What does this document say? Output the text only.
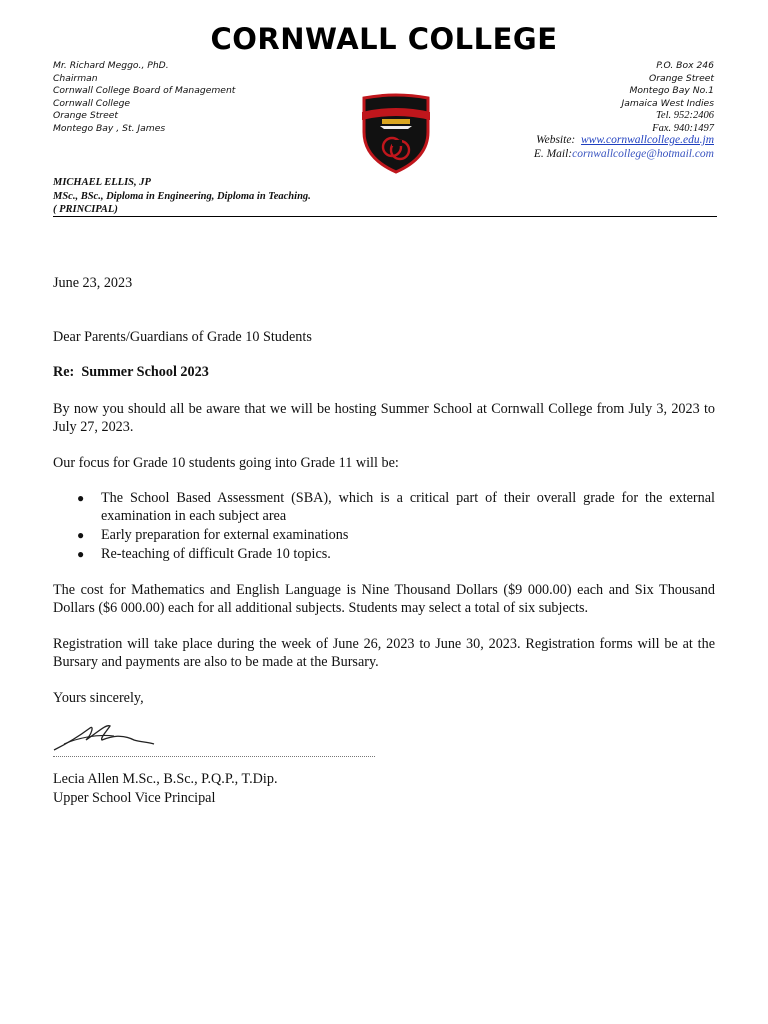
CORNWALL COLLEGE
Mr. Richard Meggo., PhD.
Chairman
Cornwall College Board of Management
Cornwall College
Orange Street
Montego Bay , St. James
P.O. Box 246
Orange Street
Montego Bay No.1
Jamaica West Indies
Tel. 952:2406
Fax. 940:1497
Website: www.cornwallcollege.edu.jm
E. Mail:cornwallcollege@hotmail.com
MICHAEL ELLIS, JP
MSc., BSc., Diploma in Engineering, Diploma in Teaching.
( PRINCIPAL)
June 23, 2023
Dear Parents/Guardians of Grade 10 Students
Re: Summer School 2023
By now you should all be aware that we will be hosting Summer School at Cornwall College from July 3, 2023 to July 27, 2023.
Our focus for Grade 10 students going into Grade 11 will be:
● The School Based Assessment (SBA), which is a critical part of their overall grade for the external examination in each subject area
● Early preparation for external examinations
● Re-teaching of difficult Grade 10 topics.
The cost for Mathematics and English Language is Nine Thousand Dollars ($9 000.00) each and Six Thousand Dollars ($6 000.00) each for all additional subjects. Students may select a total of six subjects.
Registration will take place during the week of June 26, 2023 to June 30, 2023. Registration forms will be at the Bursary and payments are also to be made at the Bursary.
Yours sincerely,
Lecia Allen M.Sc., B.Sc., P.Q.P., T.Dip.
Upper School Vice Principal
